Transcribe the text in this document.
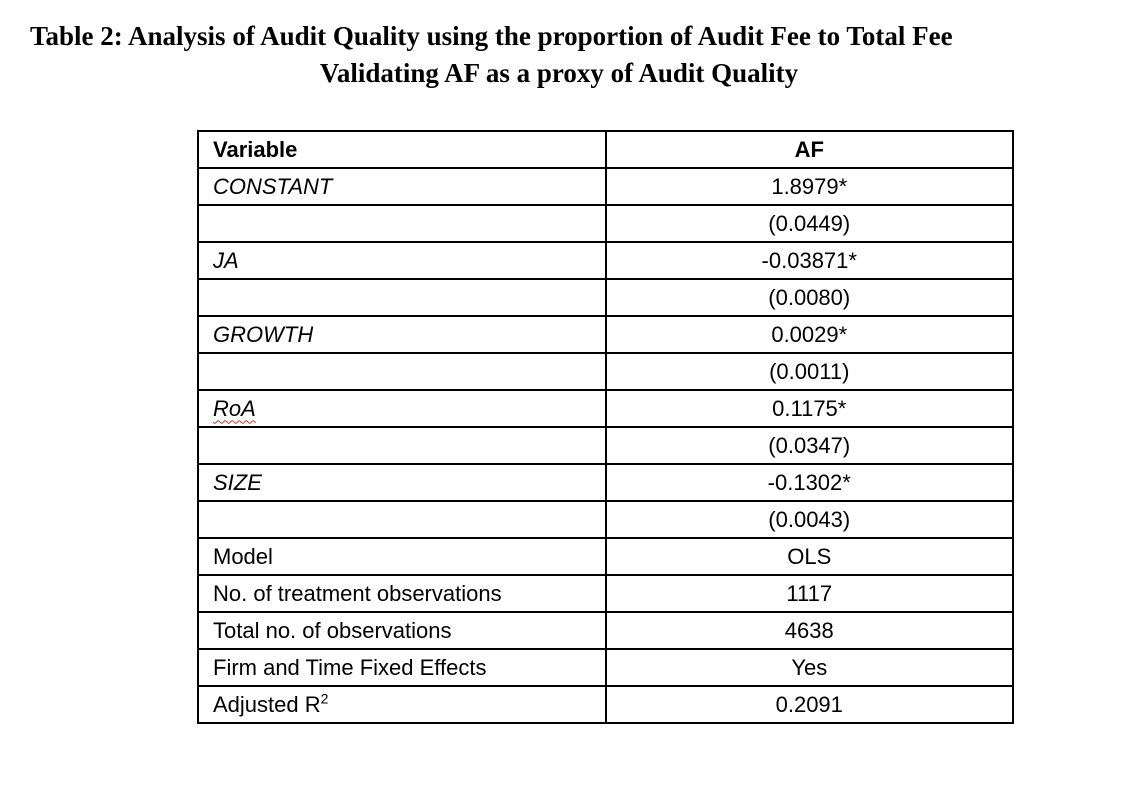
Table 2: Analysis of Audit Quality using the proportion of Audit Fee to Total Fee
Validating AF as a proxy of Audit Quality
Variable	AF
CONSTANT	1.8979*
	(0.0449)
JA	-0.03871*
	(0.0080)
GROWTH	0.0029*
	(0.0011)
RoA	0.1175*
	(0.0347)
SIZE	-0.1302*
	(0.0043)
Model	OLS
No. of treatment observations	1117
Total no. of observations	4638
Firm and Time Fixed Effects	Yes
Adjusted $R^2$	0.2091
